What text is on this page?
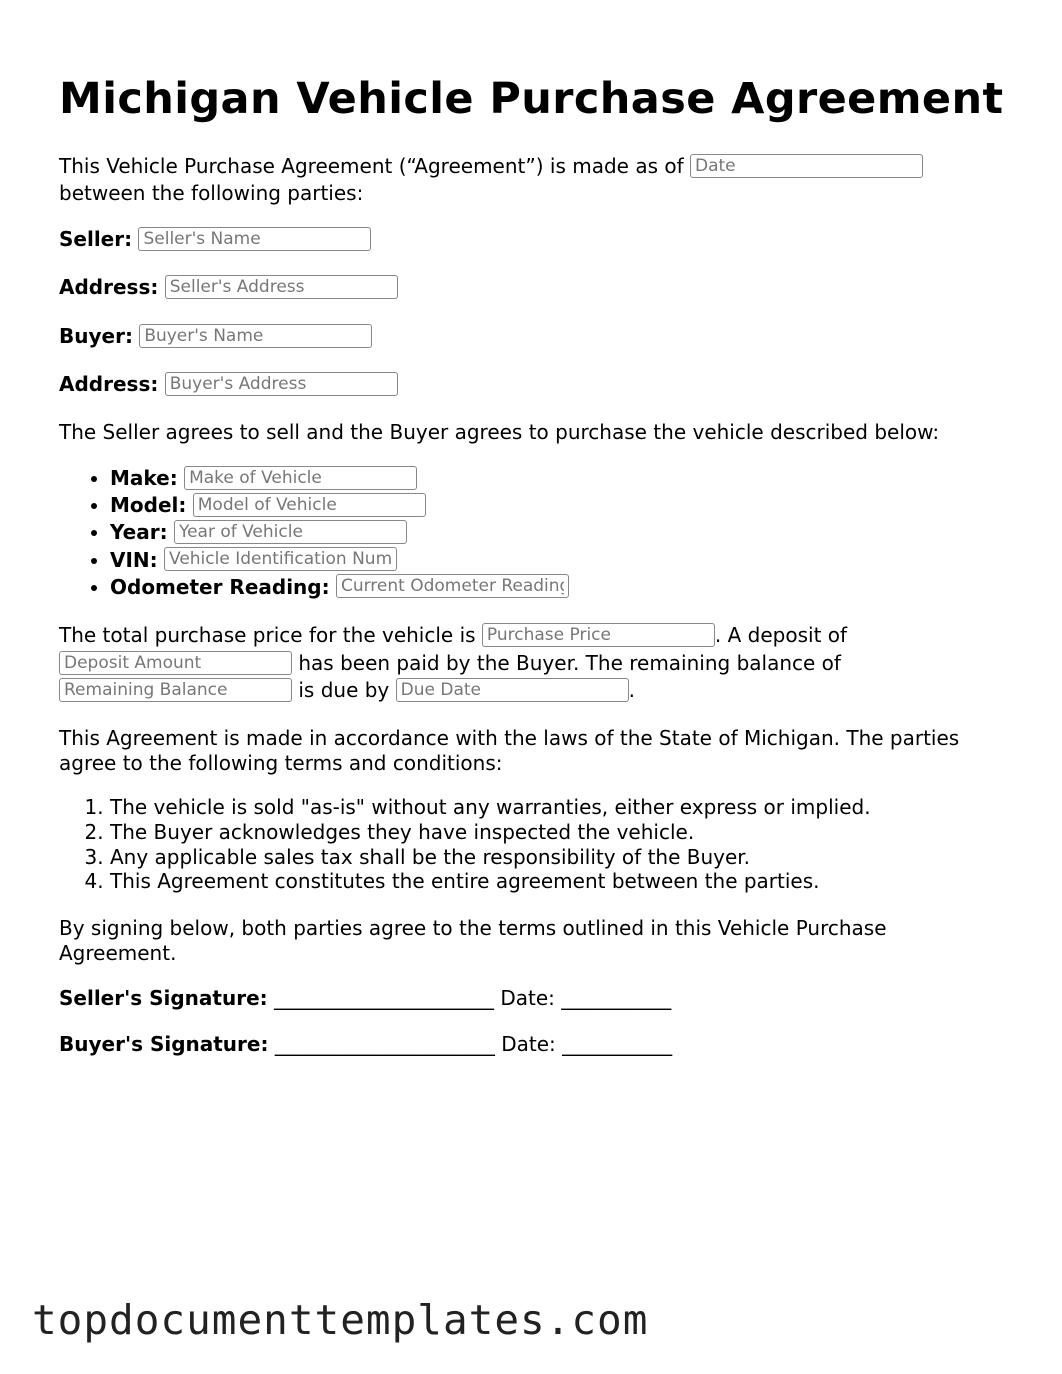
Michigan Vehicle Purchase Agreement
This Vehicle Purchase Agreement (“Agreement”) is made as of Date
between the following parties:
Seller: Seller's Name
Address: Seller's Address
Buyer: Buyer's Name
Address: Buyer's Address
The Seller agrees to sell and the Buyer agrees to purchase the vehicle described below:
• Make: Make of Vehicle
• Model: Model of Vehicle
• Year: Year of Vehicle
• VIN: Vehicle Identification Num
• Odometer Reading: Current Odometer Reading
The total purchase price for the vehicle is Purchase Price	. A deposit of
Deposit Amount has been paid by the Buyer. The remaining balance of
Remaining Balance is due by Due Date	.
This Agreement is made in accordance with the laws of the State of Michigan. The parties
agree to the following terms and conditions:
1. The vehicle is sold "as-is" without any warranties, either express or implied.
2. The Buyer acknowledges they have inspected the vehicle.
3. Any applicable sales tax shall be the responsibility of the Buyer.
4. This Agreement constitutes the entire agreement between the parties.
By signing below, both parties agree to the terms outlined in this Vehicle Purchase
Agreement.
Seller's Signature: ______________________ Date: ___________
Buyer's Signature: ______________________ Date: ___________
topdocumenttemplates.com
